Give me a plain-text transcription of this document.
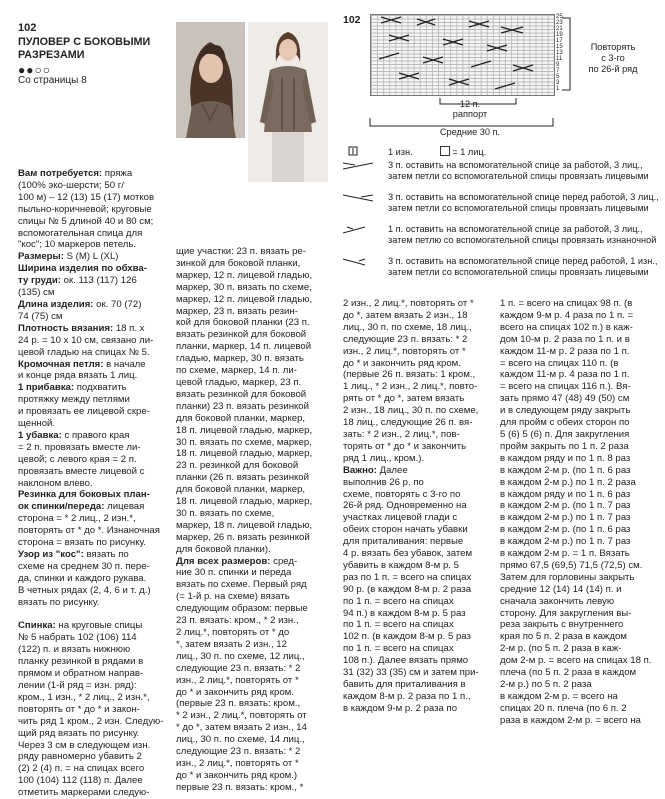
102
ПУЛОВЕР С БОКОВЫМИ
РАЗРЕЗАМИ
●●○○
Со страницы 8
102	25
23
21
19
17
15
13
11
9
7
5
3
1
Повторять
с 3-го
по 26-й ряд
12 п.
раппорт
Средние 30 п.
1 изн.	= 1 лиц.
3 п. оставить на вспомогательной спице за работой, 3 лиц., затем петли со вспомогательной спицы провязать лицевыми
3 п. оставить на вспомогательной спице перед работой, 3 лиц., затем петли со вспомогательной спицы провязать лицевыми
1 п. оставить на вспомогательной спице за работой, 3 лиц., затем петлю со вспомогательной спицы провязать изнаночной
3 п. оставить на вспомогательной спице перед работой, 1 изн., затем петли со вспомогательной спицы провязать лицевыми
Вам потребуется: пряжа
(100% эко-шерсти; 50 г/
100 м) – 12 (13) 15 (17) мотков
пыльно-коричневой; круговые
спицы № 5 длиной 40 и 80 см;
вспомогательная спица для
"кос"; 10 маркеров петель.
Размеры: S (M) L (XL)
Ширина изделия по обхва-
ту груди: ок. 113 (117) 126
(135) см
Длина изделия: ок. 70 (72)
74 (75) см
Плотность вязания: 18 п. х
24 р. = 10 х 10 см, связано ли-
цевой гладью на спицах № 5.
Кромочная петля: в начале
и конце ряда вязать 1 лиц.
1 прибавка: подхватить
протяжку между петлями
и провязать ее лицевой скре-
щенной.
1 убавка: с правого края
= 2 п. провязать вместе ли-
цевой; с левого края = 2 п.
провязать вместе лицевой с
наклоном влево.
Резинка для боковых план-
ок спинки/переда: лицевая
сторона = * 2 лиц., 2 изн.*,
повторять от * до *. Изнаночная
сторона = вязать по рисунку.
Узор из "кос": вязать по
схеме на среднем 30 п. пере-
да, спинки и каждого рукава.
В четных рядах (2, 4, 6 и т. д.)
вязать по рисунку.

Спинка: на круговые спицы
№ 5 набрать 102 (106) 114
(122) п. и вязать нижнюю
планку резинкой в рядами в
прямом и обратном направ-
лении (1-й ряд = изн. ряд):
кром., 1 изн., * 2 лиц., 2 изн.*,
повторять от * до * и закон-
чить ряд 1 кром., 2 изн. Следую-
щий ряд вязать по рисунку.
Через 3 см в следующем изн.
ряду равномерно убавить 2
(2) 2 (4) п. = на спицах всего
100 (104) 112 (118) п. Далее
отметить маркерами следую-
щие участки: 23 п. вязать ре-
зинкой для боковой планки,
маркер, 12 п. лицевой гладью,
маркер, 30 п. вязать по схеме,
маркер, 12 п. лицевой гладью,
маркер, 23 п. вязать резин-
кой для боковой планки (23 п.
вязать резинкой для боковой
планки, маркер, 14 п. лицевой
гладью, маркер, 30 п. вязать
по схеме, маркер, 14 п. ли-
цевой гладью, маркер, 23 п.
вязать резинкой для боковой
планки) 23 п. вязать резинкой
для боковой планки, маркер,
18 п. лицевой гладью, маркер,
30 п. вязать по схеме, маркер,
18 п. лицевой гладью, маркер,
23 п. резинкой для боковой
планки (26 п. вязать резинкой
для боковой планки, маркер,
18 п. лицевой гладью, маркер,
30 п. вязать по схеме,
маркер, 18 п. лицевой гладью,
маркер, 26 п. вязать резинкой
для боковой планки).
Для всех размеров: сред-
ние 30 п. спинки и переда
вязать по схеме. Первый ряд
(= 1-й р. на схеме) вязать
следующим образом: первые
23 п. вязать: кром., * 2 изн.,
2 лиц.*, повторять от * до
*, затем вязать 2 изн., 12
лиц., 30 п. по схеме, 12 лиц.,
следующие 23 п. вязать: * 2
изн., 2 лиц.*, повторять от *
до * и закончить ряд кром.
(первые 23 п. вязать: кром.,
* 2 изн., 2 лиц.*, повторять от
* до *, затем вязать 2 изн., 14
лиц., 30 п. по схеме, 14 лиц.,
следующие 23 п. вязать: * 2
изн., 2 лиц.*, повторять от *
до * и закончить ряд кром.)
первые 23 п. вязать: кром., *
2 изн., 2 лиц.*, повторять от *
до *, затем вязать 2 изн., 18
лиц., 30 п. по схеме, 18 лиц.,
следующие 23 п. вязать: * 2
изн., 2 лиц.*, повторять от *
до * и закончить ряд кром.
(первые 26 п. вязать: 1 кром.,
1 лиц., * 2 изн., 2 лиц.*, повто-
рять от * до *, затем вязать
2 изн., 18 лиц., 30 п. по схеме,
18 лиц., следующие 26 п. вя-
зать: * 2 изн., 2 лиц.*, пов-
торять от * до * и закончить
ряд 1 лиц., кром.).
Важно: Далее
выполнив 26 р. по
схеме, повторять с 3-го по
26-й ряд. Одновременно на
участках лицевой глади с
обеих сторон начать убавки
для приталивания: первые
4 р. вязать без убавок, затем
убавить в каждом 8-м р. 5
раз по 1 п. = всего на спицах
90 р. (в каждом 8-м р. 2 раза
по 1 п. = всего на спицах
94 п.) в каждом 8-м р. 5 раз
по 1 п. = всего на спицах
102 п. (в каждом 8-м р. 5 раз
по 1 п. = всего на спицах
108 п.). Далее вязать прямо
31 (32) 33 (35) см и затем при-
бавить для приталивания в
каждом 8-м р. 2 раза по 1 п.,
в каждом 9-м р. 2 раза по
1 п. = всего на спицах 98 п. (в
каждом 9-м р. 4 раза по 1 п. =
всего на спицах 102 п.) в каж-
дом 10-м р. 2 раза по 1 п. и в
каждом 11-м р. 2 раза по 1 п.
= всего на спицах 110 п. (в
каждом 11-м р. 4 раза по 1 п.
= всего на спицах 116 п.). Вя-
зать прямо 47 (48) 49 (50) см
и в следующем ряду закрыть
для пройм с обеих сторон по
5 (6) 5 (6) п. Для закругления
пройм закрыть по 1 п. 2 раза
в каждом ряду и по 1 п. 8 раз
в каждом 2-м р. (по 1 п. 6 раз
в каждом 2-м р.) по 1 п. 2 раза
в каждом ряду и по 1 п. 6 раз
в каждом 2-м р. (по 1 п. 7 раз
в каждом 2-м р.) по 1 п. 7 раз
в каждом 2-м р. (по 1 п. 6 раз
в каждом 2-м р.) по 1 п. 7 раз
в каждом 2-м р. = 1 п. Вязать
прямо 67,5 (69,5) 71,5 (72,5) см.
Затем для горловины закрыть
средние 12 (14) 14 (14) п. и
сначала закончить левую
сторону. Для закругления вы-
реза закрыть с внутреннего
края по 5 п. 2 раза в каждом
2-м р. (по 5 п. 2 раза в каж-
дом 2-м р. = всего на спицах 18 п.
плеча (по 5 п. 2 раза в каждом
2-м р.) по 5 п. 2 раза
в каждом 2-м р. = всего на
спицах 20 п. плеча (по 6 п. 2
раза в каждом 2-м р. = всего на
